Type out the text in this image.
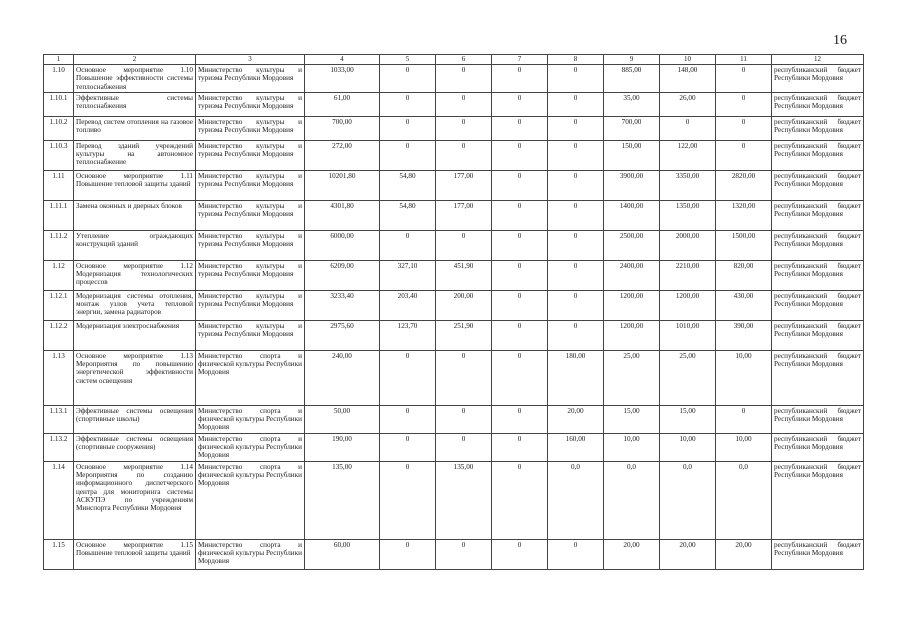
16
1	2	3	4	5	6	7	8	9	10	11	12
1.10	Основное мероприятие 1.10 Повышение эффективности системы теплоснабжения	Министерство культуры и туризма Республики Мордовия	1033,00	0	0	0	0	885,00	148,00	0	республиканский бюджет Республики Мордовия
1.10.1	Эффективные системы теплоснабжения	Министерство культуры и туризма Республики Мордовия	61,00	0	0	0	0	35,00	26,00	0	республиканский бюджет Республики Мордовия
1.10.2	Перевод систем отопления на газовое топливо	Министерство культуры и туризма Республики Мордовия	700,00	0	0	0	0	700,00	0	0	республиканский бюджет Республики Мордовия
1.10.3	Перевод зданий учреждений культуры на автономное теплоснабжение	Министерство культуры и туризма Республики Мордовия	272,00	0	0	0	0	150,00	122,00	0	республиканский бюджет Республики Мордовия
1.11	Основное мероприятие 1.11 Повышение тепловой защиты зданий	Министерство культуры и туризма Республики Мордовия	10201,80	54,80	177,00	0	0	3900,00	3350,00	2820,00	республиканский бюджет Республики Мордовия
1.11.1	Замена оконных и дверных блоков	Министерство культуры и туризма Республики Мордовия	4301,80	54,80	177,00	0	0	1400,00	1350,00	1320,00	республиканский бюджет Республики Мордовия
1.11.2	Утепление ограждающих конструкций зданий	Министерство культуры и туризма Республики Мордовия	6000,00	0	0	0	0	2500,00	2000,00	1500,00	республиканский бюджет Республики Мордовия
1.12	Основное мероприятие 1.12 Модернизация технологических процессов	Министерство культуры и туризма Республики Мордовия	6209,00	327,10	451,90	0	0	2400,00	2210,00	820,00	республиканский бюджет Республики Мордовия
1.12.1	Модернизация системы отопления, монтаж узлов учета тепловой энергии, замена радиаторов	Министерство культуры и туризма Республики Мордовия	3233,40	203,40	200,00	0	0	1200,00	1200,00	430,00	республиканский бюджет Республики Мордовия
1.12.2	Модернизация электроснабжения	Министерство культуры и туризма Республики Мордовия	2975,60	123,70	251,90	0	0	1200,00	1010,00	390,00	республиканский бюджет Республики Мордовия
1.13	Основное мероприятие 1.13 Мероприятия по повышению энергетической эффективности систем освещения	Министерство спорта и физической культуры Республики Мордовия	240,00	0	0	0	180,00	25,00	25,00	10,00	республиканский бюджет Республики Мордовия
1.13.1	Эффективные системы освещения (спортивные школы)	Министерство спорта и физической культуры Республики Мордовия	50,00	0	0	0	20,00	15,00	15,00	0	республиканский бюджет Республики Мордовия
1.13.2	Эффективные системы освещения (спортивные сооружения)	Министерство спорта и физической культуры Республики Мордовия	190,00	0	0	0	160,00	10,00	10,00	10,00	республиканский бюджет Республики Мордовия
1.14	Основное мероприятие 1.14 Мероприятия по созданию информационного диспетчерского центра для мониторинга системы АСКУПЭ по учреждениям Минспорта Республики Мордовия	Министерство спорта и физической культуры Республики Мордовия	135,00	0	135,00	0	0,0	0,0	0,0	0,0	республиканский бюджет Республики Мордовия
1.15	Основное мероприятие 1.15 Повышение тепловой защиты зданий	Министерство спорта и физической культуры Республики Мордовия	60,00	0	0	0	0	20,00	20,00	20,00	республиканский бюджет Республики Мордовия
